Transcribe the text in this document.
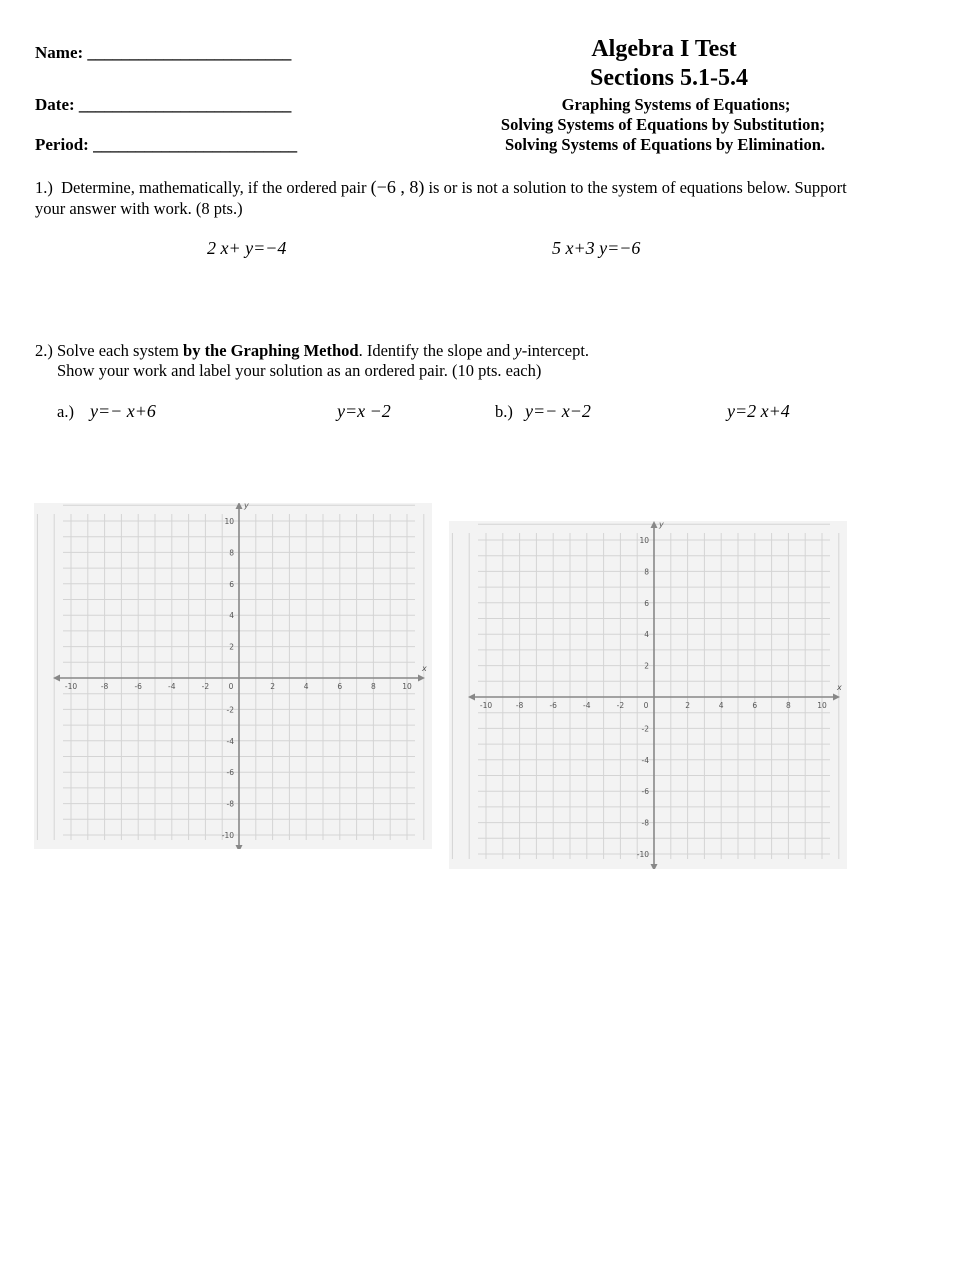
Name: ________________________
Date: _________________________
Period: ________________________
Algebra I Test
Sections 5.1-5.4
Graphing Systems of Equations;
Solving Systems of Equations by Substitution;
Solving Systems of Equations by Elimination.
1.) Determine, mathematically, if the ordered pair (−6 , 8) is or is not a solution to the system of equations below. Support
your answer with work. (8 pts.)
2 x+ y=−4	5 x+3 y=−6
2.) Solve each system by the Graphing Method. Identify the slope and y-intercept.
Show your work and label your solution as an ordered pair. (10 pts. each)
a.) y=− x+6	y=x −2	b.) y=− x−2	y=2 x+4
x
y
-10	-8	-6	-4	-2	0	2	4	6	8	10
10
8
6
4
2
-2
-4
-6
-8
-10
x
y
-10	-8	-6	-4	-2	0	2	4	6	8	10
10
8
6
4
2
-2
-4
-6
-8
-10
